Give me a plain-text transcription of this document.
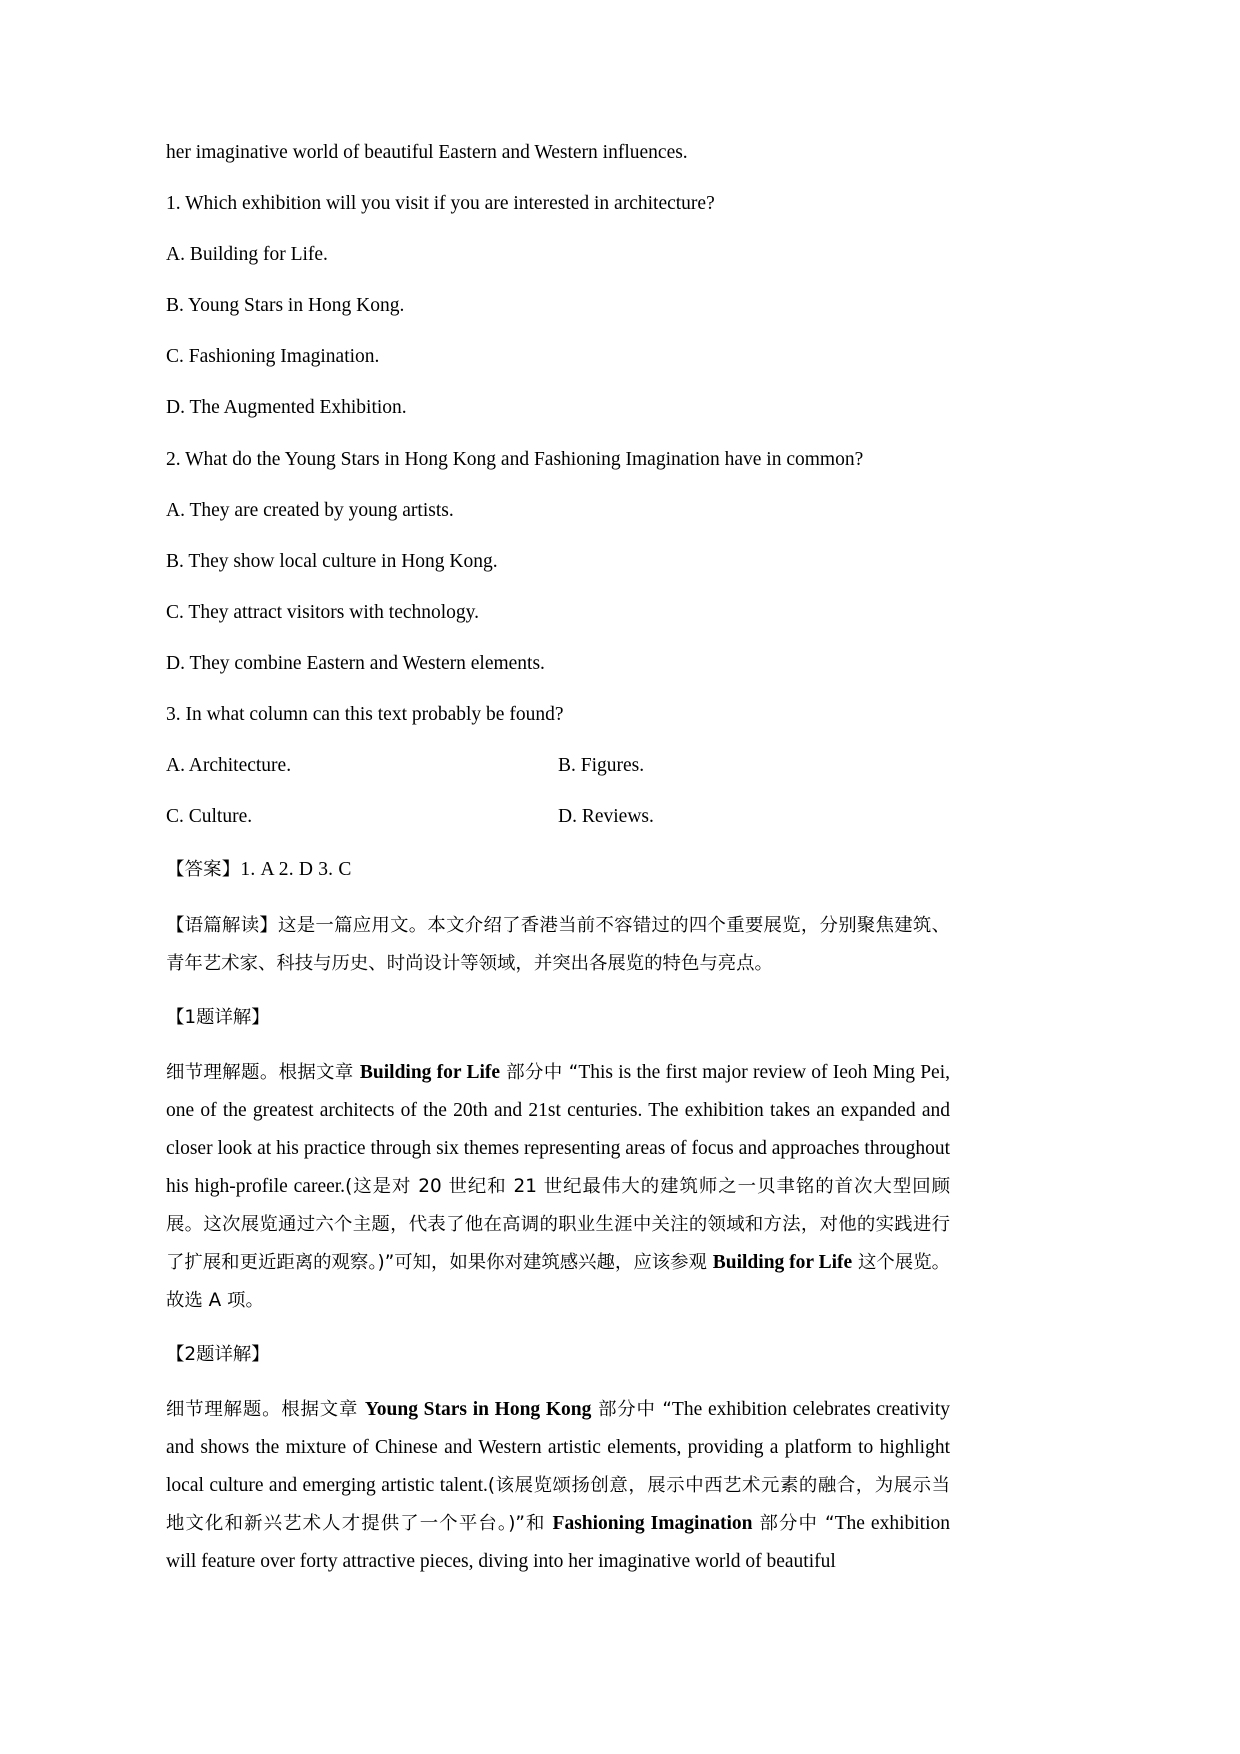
her imaginative world of beautiful Eastern and Western influences.

1. Which exhibition will you visit if you are interested in architecture?

A. Building for Life.

B. Young Stars in Hong Kong.

C. Fashioning Imagination.

D. The Augmented Exhibition.

2. What do the Young Stars in Hong Kong and Fashioning Imagination have in common?

A. They are created by young artists.

B. They show local culture in Hong Kong.

C. They attract visitors with technology.

D. They combine Eastern and Western elements.

3. In what column can this text probably be found?

A. Architecture.	B. Figures.
C. Culture.	D. Reviews.

【答案】1. A 2. D 3. C

【语篇解读】这是一篇应用文。本文介绍了香港当前不容错过的四个重要展览，分别聚焦建筑、青年艺术家、科技与历史、时尚设计等领域，并突出各展览的特色与亮点。

【1题详解】

细节理解题。根据文章 Building for Life 部分中 “This is the first major review of Ieoh Ming Pei, one of the greatest architects of the 20th and 21st centuries. The exhibition takes an expanded and closer look at his practice through six themes representing areas of focus and approaches throughout his high-profile career.(这是对 20 世纪和 21 世纪最伟大的建筑师之一贝聿铭的首次大型回顾展。这次展览通过六个主题，代表了他在高调的职业生涯中关注的领域和方法，对他的实践进行了扩展和更近距离的观察。)”可知，如果你对建筑感兴趣，应该参观 Building for Life 这个展览。故选 A 项。

【2题详解】

细节理解题。根据文章 Young Stars in Hong Kong 部分中 “The exhibition celebrates creativity and shows the mixture of Chinese and Western artistic elements, providing a platform to highlight local culture and emerging artistic talent.(该展览颂扬创意，展示中西艺术元素的融合，为展示当地文化和新兴艺术人才提供了一个平台。)”和 Fashioning Imagination 部分中 “The exhibition will feature over forty attractive pieces, diving into her imaginative world of beautiful
